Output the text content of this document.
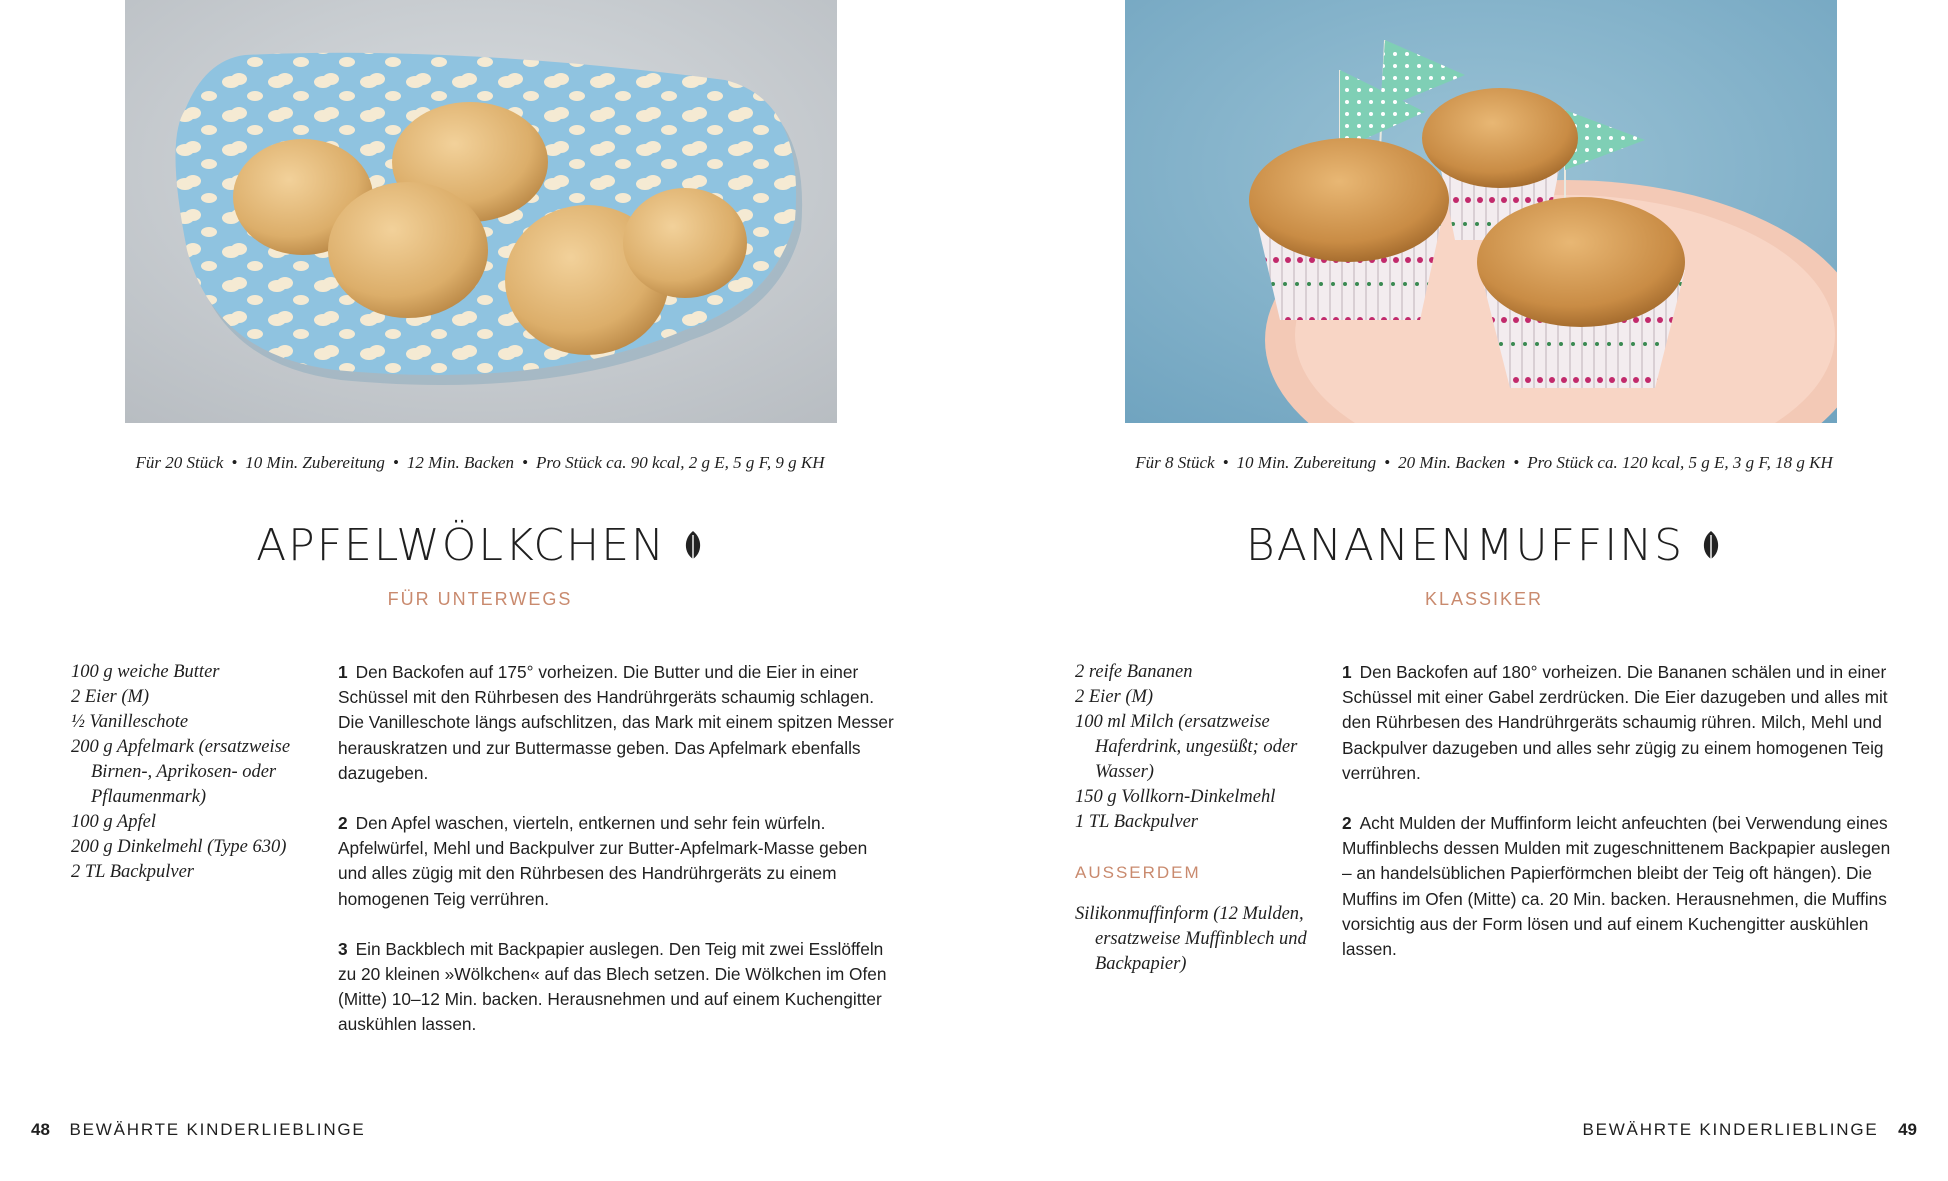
Für 20 Stück • 10 Min. Zubereitung • 12 Min. Backen • Pro Stück ca. 90 kcal, 2 g E, 5 g F, 9 g KH
APFELWÖLKCHEN
FÜR UNTERWEGS

100 g weiche Butter

2 Eier (M)

½ Vanilleschote

200 g Apfelmark (ersatzweise Birnen-, Aprikosen- oder Pflaumenmark)

100 g Apfel

200 g Dinkelmehl (Type 630)

2 TL Backpulver

1 Den Backofen auf 175° vorheizen. Die Butter und die Eier in einer Schüssel mit den Rührbesen des Handrührgeräts schaumig schlagen. Die Vanilleschote längs aufschlitzen, das Mark mit einem spitzen Messer herauskratzen und zur Buttermasse geben. Das Apfelmark ebenfalls dazugeben.

2 Den Apfel waschen, vierteln, entkernen und sehr fein würfeln. Apfelwürfel, Mehl und Backpulver zur Butter-Apfelmark-Masse geben und alles zügig mit den Rührbesen des Handrührgeräts zu einem homogenen Teig verrühren.

3 Ein Backblech mit Backpapier auslegen. Den Teig mit zwei Esslöffeln zu 20 kleinen »Wölkchen« auf das Blech setzen. Die Wölkchen im Ofen (Mitte) 10–12 Min. backen. Herausnehmen und auf einem Kuchengitter auskühlen lassen.

48 BEWÄHRTE KINDERLIEBLINGE
Für 8 Stück • 10 Min. Zubereitung • 20 Min. Backen • Pro Stück ca. 120 kcal, 5 g E, 3 g F, 18 g KH
BANANENMUFFINS
KLASSIKER

2 reife Bananen

2 Eier (M)

100 ml Milch (ersatzweise Haferdrink, ungesüßt; oder Wasser)

150 g Vollkorn-Dinkelmehl

1 TL Backpulver

AUSSERDEM

Silikonmuffinform (12 Mulden, ersatzweise Muffinblech und Backpapier)

1 Den Backofen auf 180° vorheizen. Die Bananen schälen und in einer Schüssel mit einer Gabel zerdrücken. Die Eier dazugeben und alles mit den Rührbesen des Handrührgeräts schaumig rühren. Milch, Mehl und Backpulver dazugeben und alles sehr zügig zu einem homogenen Teig verrühren.

2 Acht Mulden der Muffinform leicht anfeuchten (bei Verwendung eines Muffinblechs dessen Mulden mit zugeschnittenem Backpapier auslegen – an handelsüblichen Papierförmchen bleibt der Teig oft hängen). Die Muffins im Ofen (Mitte) ca. 20 Min. backen. Herausnehmen, die Muffins vorsichtig aus der Form lösen und auf einem Kuchengitter auskühlen lassen.

BEWÄHRTE KINDERLIEBLINGE 49
